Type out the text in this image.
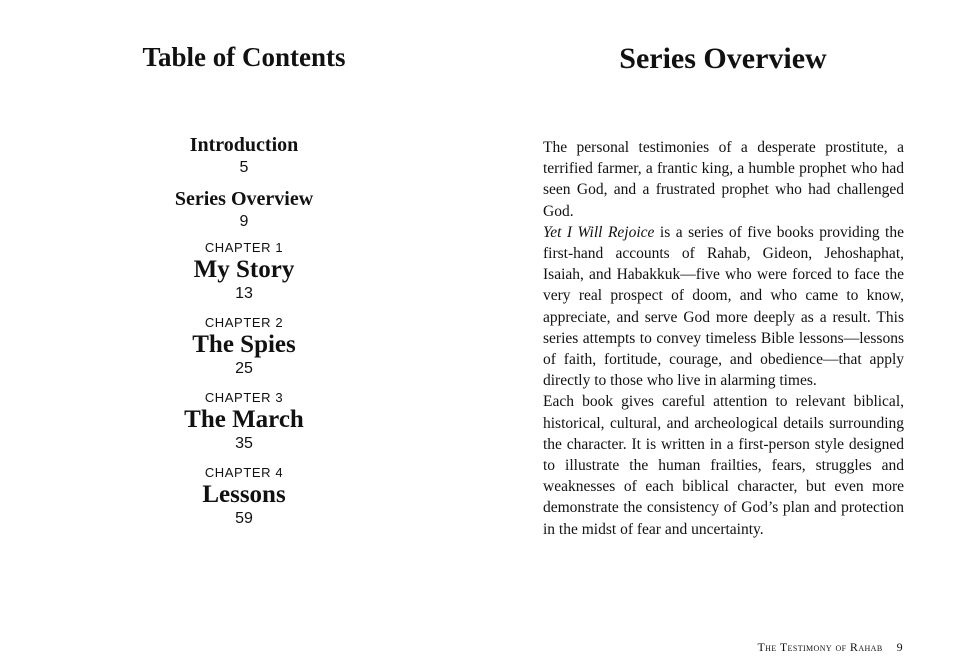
Table of Contents
Introduction
5
Series Overview
9
CHAPTER 1
My Story
13
CHAPTER 2
The Spies
25
CHAPTER 3
The March
35
CHAPTER 4
Lessons
59
Series Overview

The personal testimonies of a desperate prostitute, a terrified farmer, a frantic king, a humble prophet who had seen God, and a frustrated prophet who had challenged God.

Yet I Will Rejoice is a series of five books providing the first-hand accounts of Rahab, Gideon, Jehoshaphat, Isaiah, and Habakkuk—five who were forced to face the very real prospect of doom, and who came to know, appreciate, and serve God more deeply as a result. This series attempts to convey timeless Bible lessons—lessons of faith, fortitude, courage, and obedience—that apply directly to those who live in alarming times.

Each book gives careful attention to relevant biblical, historical, cultural, and archeological details surrounding the character. It is written in a first-person style designed to illustrate the human frailties, fears, struggles and weaknesses of each biblical character, but even more demonstrate the consistency of God’s plan and protection in the midst of fear and uncertainty.

The Testimony of Rahab 9
